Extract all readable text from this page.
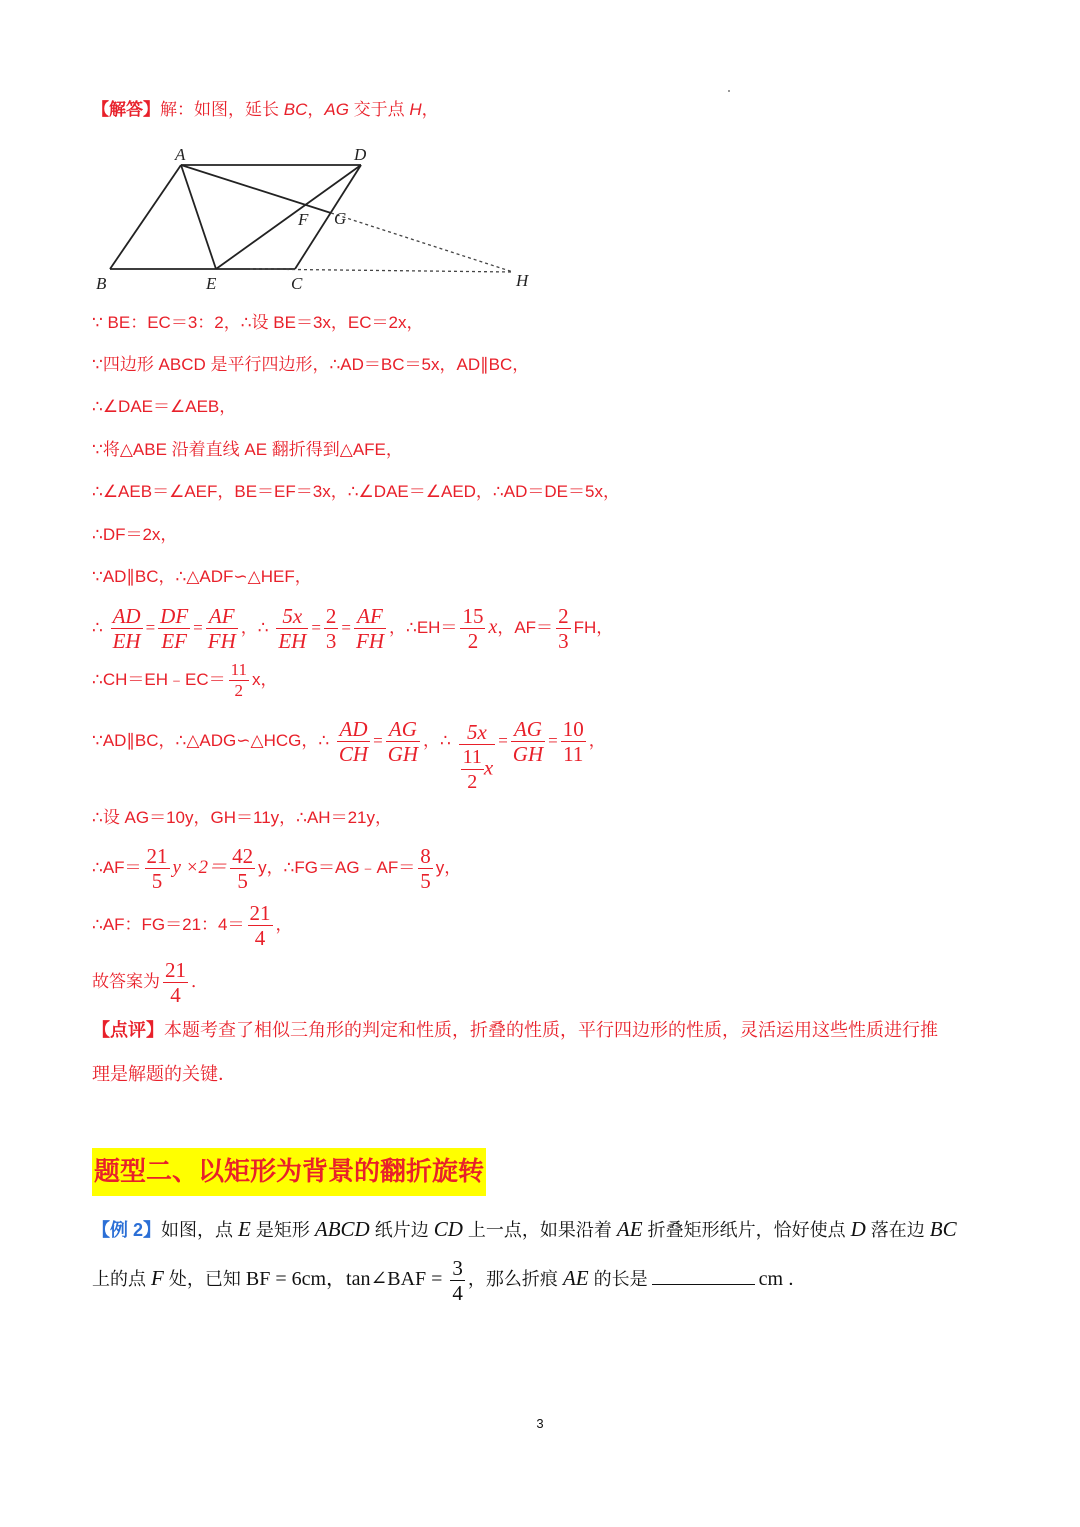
【解答】解：如图，延长 BC，AG 交于点 H，
A	D
F G
B	E	C	H
∵ BE：EC＝3：2，∴设 BE＝3x，EC＝2x，
∵四边形 ABCD 是平行四边形，∴AD＝BC＝5x，AD∥BC，
∴∠DAE＝∠AEB，
∵将△ABE 沿着直线 AE 翻折得到△AFE，
∴∠AEB＝∠AEF，BE＝EF＝3x，∴∠DAE＝∠AED，∴AD＝DE＝5x，
∴DF＝2x，
∵AD∥BC，∴△ADF∽△HEF，
∴ $\frac{AD}{EH} = \frac{DF}{EF} = \frac{AF}{FH}$ ，∴ $\frac{5x}{EH} = \frac{2}{3} = \frac{AF}{FH}$ ，∴EH＝ $\frac{15}{2}$ x，$AF= \frac{2}{3}$ FH，
∴CH＝EH﹣EC＝ $\frac{11}{2}$ x，
∵AD∥BC，∴△ADG∽△HCG，∴ $\frac{AD}{CH} = \frac{AG}{GH}$ ，∴ $\frac{5x}{\frac{11}{2} x} = \frac{AG}{GH} = \frac{10}{11}$ ，
∴设 AG＝10y，GH＝11y，∴AH＝21y，
∴AF＝ $\frac{21}{5}$ $y \times 2= \frac{42}{5}$ y，∴FG＝AG﹣AF＝ $\frac{8}{5}$ y，
∴AF：FG＝21：$4= \frac{21}{4}$ ，
故答案为 $\frac{21}{4}$ ．
【点评】本题考查了相似三角形的判定和性质，折叠的性质，平行四边形的性质，灵活运用这些性质进行推
理是解题的关键．
题型二、以矩形为背景的翻折旋转
【例 2】如图，点 E 是矩形 ABCD 纸片边 CD 上一点，如果沿着 AE 折叠矩形纸片，恰好使点 D 落在边 BC
上的点 F 处，已知 BF = 6cm，tan∠BAF = $\frac{3}{4}$ ，那么折痕 AE 的长是	cm ．
3
